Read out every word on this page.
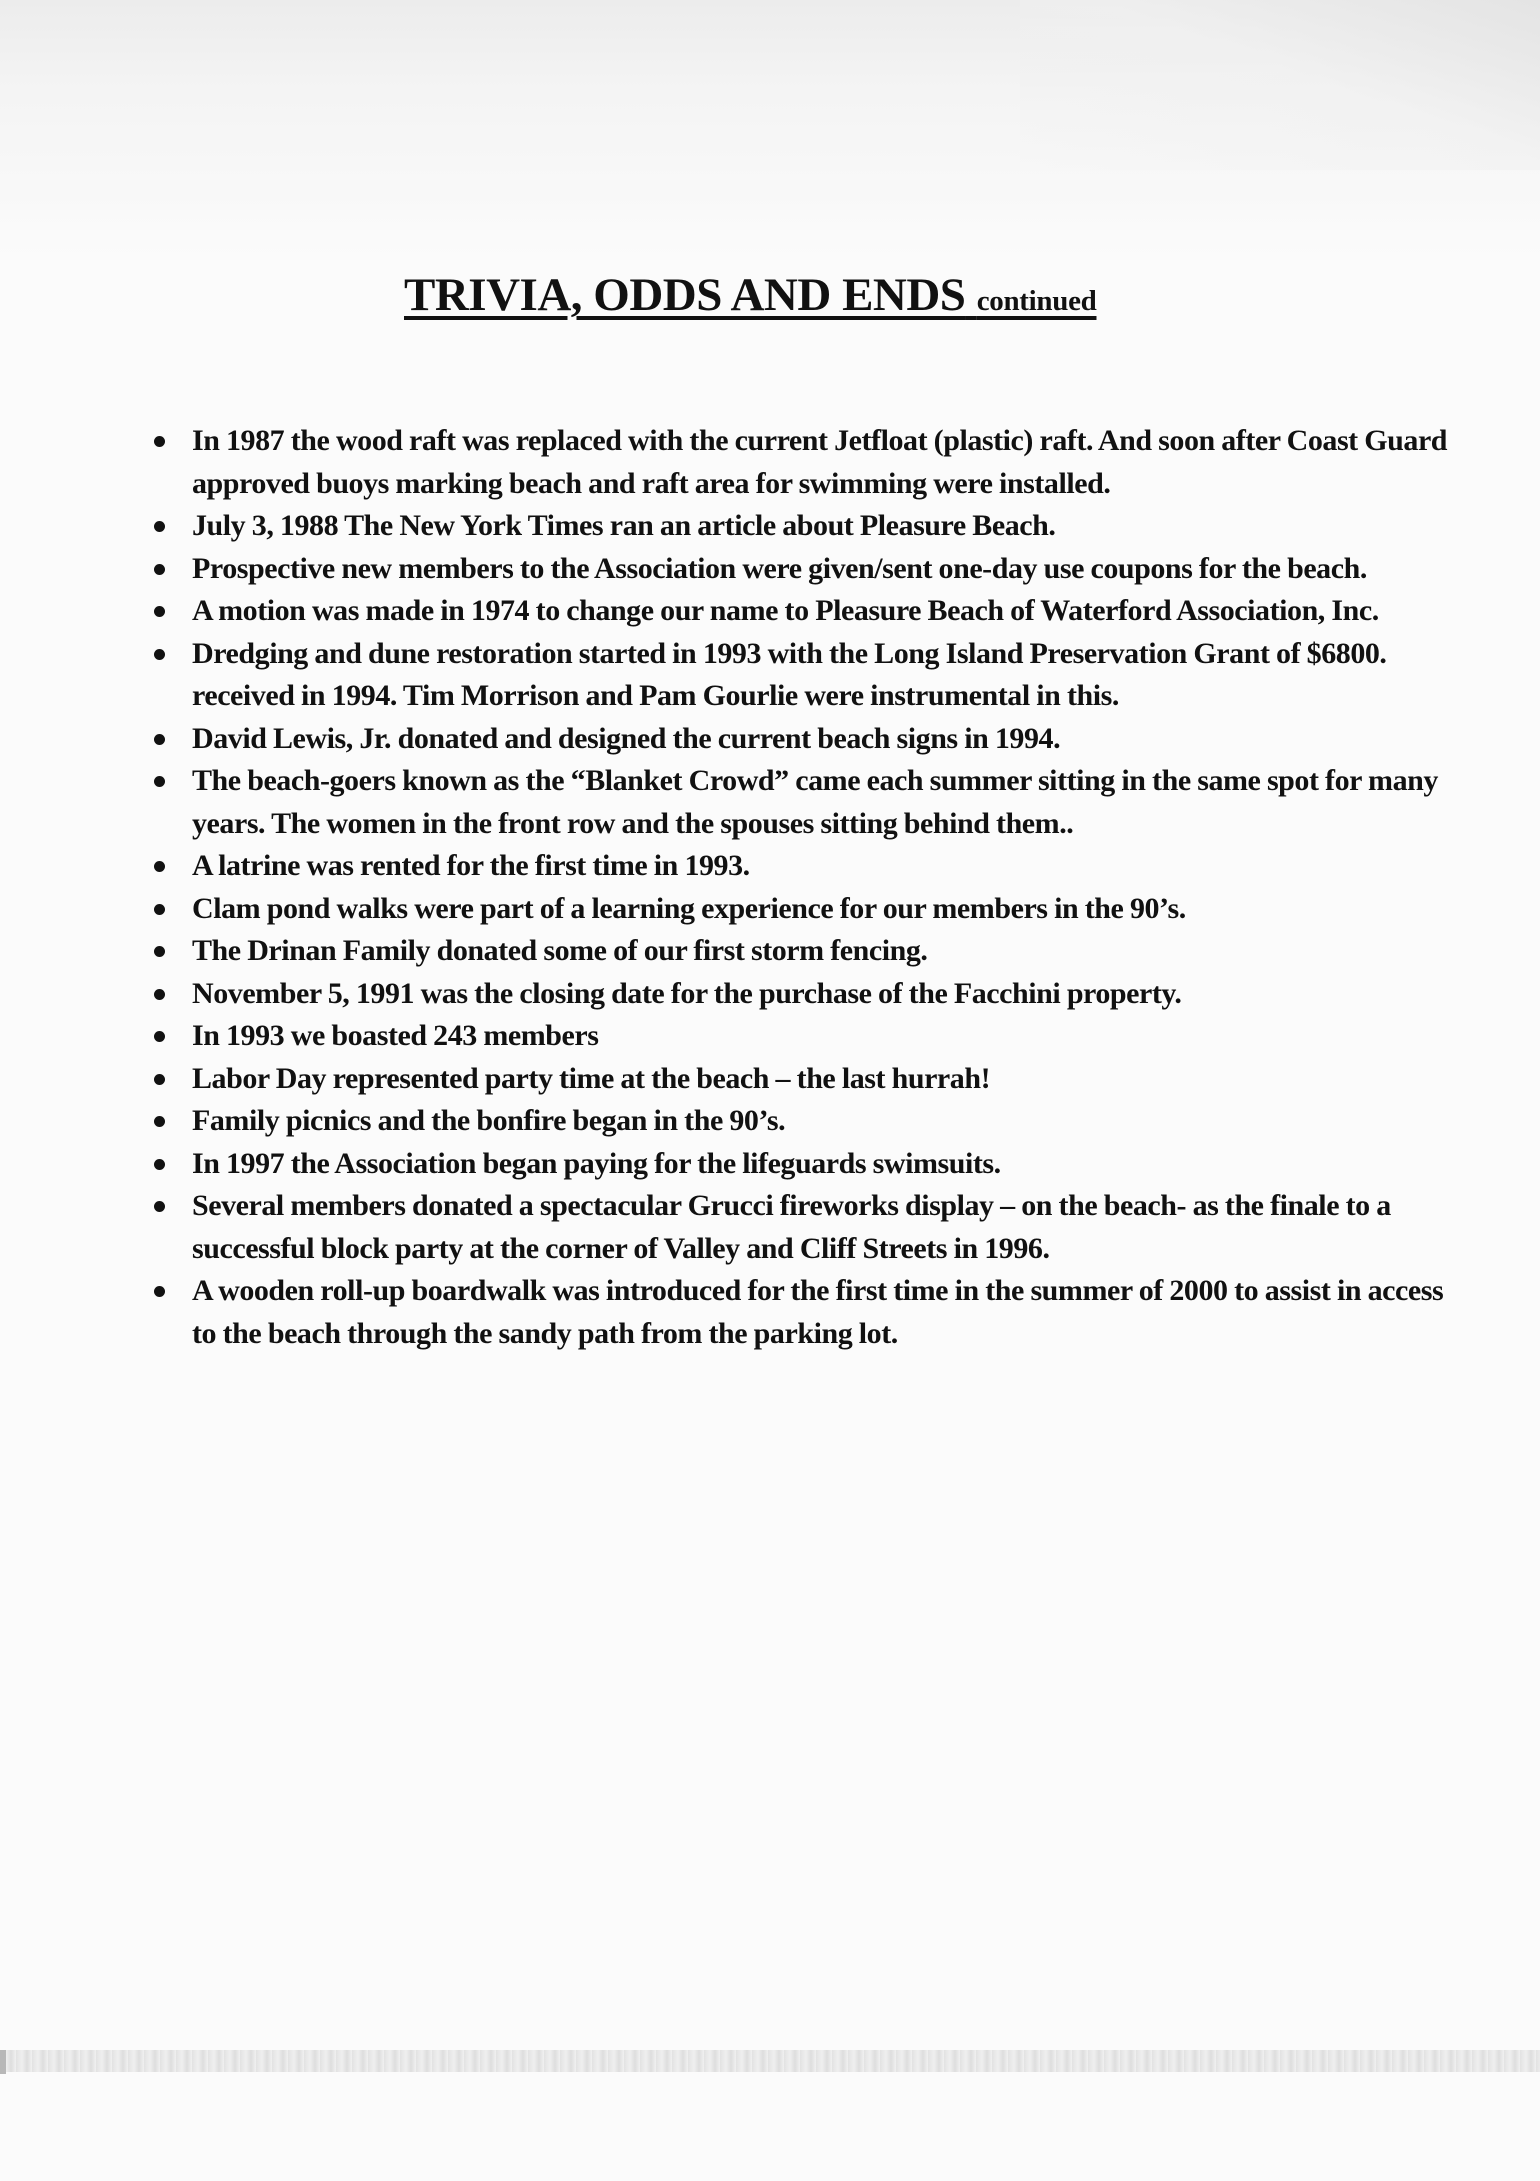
TRIVIA, ODDS AND ENDS continued
In 1987 the wood raft was replaced with the current Jetfloat (plastic) raft. And soon after Coast Guard approved buoys marking beach and raft area for swimming were installed.
July 3, 1988 The New York Times ran an article about Pleasure Beach.
Prospective new members to the Association were given/sent one-day use coupons for the beach.
A motion was made in 1974 to change our name to Pleasure Beach of Waterford Association, Inc.
Dredging and dune restoration started in 1993 with the Long Island Preservation Grant of $6800. received in 1994. Tim Morrison and Pam Gourlie were instrumental in this.
David Lewis, Jr. donated and designed the current beach signs in 1994.
The beach-goers known as the “Blanket Crowd” came each summer sitting in the same spot for many years. The women in the front row and the spouses sitting behind them..
A latrine was rented for the first time in 1993.
Clam pond walks were part of a learning experience for our members in the 90’s.
The Drinan Family donated some of our first storm fencing.
November 5, 1991 was the closing date for the purchase of the Facchini property.
In 1993 we boasted 243 members
Labor Day represented party time at the beach – the last hurrah!
Family picnics and the bonfire began in the 90’s.
In 1997 the Association began paying for the lifeguards swimsuits.
Several members donated a spectacular Grucci fireworks display – on the beach- as the finale to a successful block party at the corner of Valley and Cliff Streets in 1996.
A wooden roll-up boardwalk was introduced for the first time in the summer of 2000 to assist in access to the beach through the sandy path from the parking lot.
